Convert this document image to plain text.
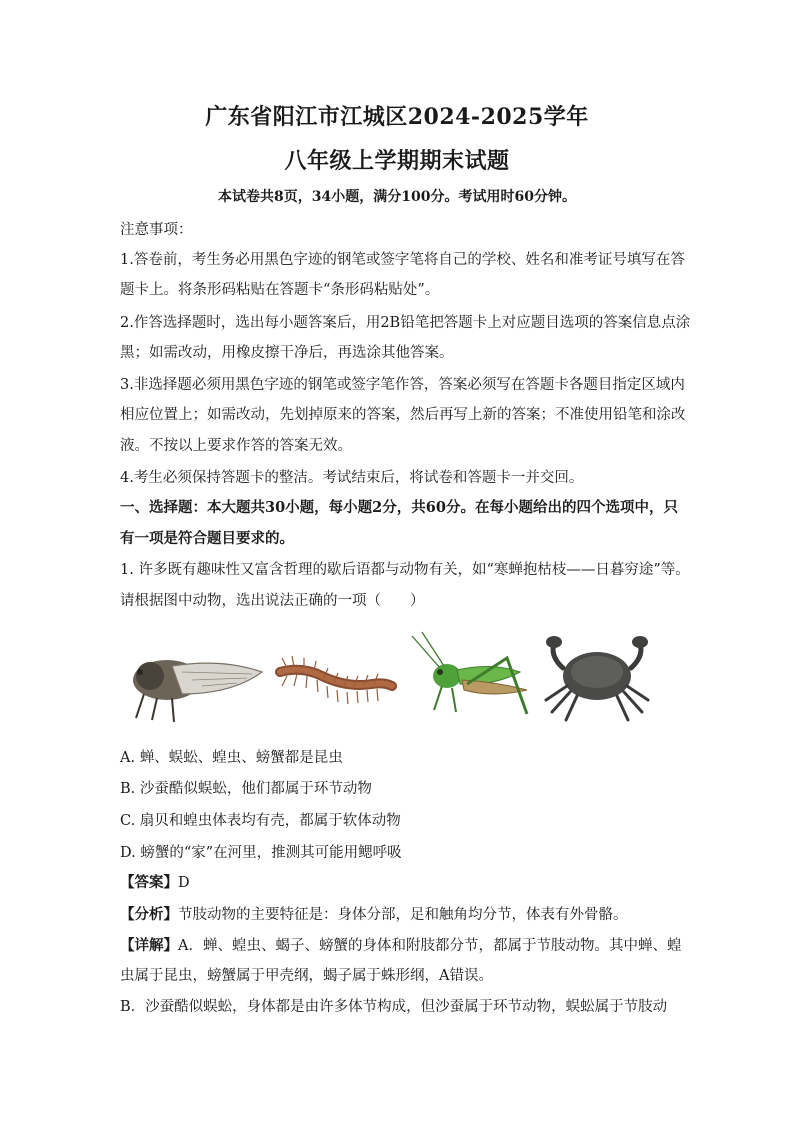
广东省阳江市江城区2024-2025学年
八年级上学期期末试题
本试卷共8页，34小题，满分100分。考试用时60分钟。
注意事项：
1.答卷前，考生务必用黑色字迹的钢笔或签字笔将自己的学校、姓名和准考证号填写在答
题卡上。将条形码粘贴在答题卡“条形码粘贴处”。
2.作答选择题时，选出每小题答案后，用2B铅笔把答题卡上对应题目选项的答案信息点涂
黑；如需改动，用橡皮擦干净后，再选涂其他答案。
3.非选择题必须用黑色字迹的钢笔或签字笔作答，答案必须写在答题卡各题目指定区域内
相应位置上；如需改动，先划掉原来的答案，然后再写上新的答案；不准使用铅笔和涂改
液。不按以上要求作答的答案无效。
4.考生必须保持答题卡的整洁。考试结束后，将试卷和答题卡一并交回。
一、选择题：本大题共30小题，每小题2分，共60分。在每小题给出的四个选项中，只
有一项是符合题目要求的。
1. 许多既有趣味性又富含哲理的歇后语都与动物有关，如“寒蝉抱枯枝——日暮穷途”等。
请根据图中动物，选出说法正确的一项（　　）
A. 蝉、蜈蚣、蝗虫、螃蟹都是昆虫
B. 沙蚕酷似蜈蚣，他们都属于环节动物
C. 扇贝和蝗虫体表均有壳，都属于软体动物
D. 螃蟹的“家”在河里，推测其可能用鳃呼吸
【答案】D
【分析】节肢动物的主要特征是：身体分部，足和触角均分节，体表有外骨骼。
【详解】A．蝉、蝗虫、蝎子、螃蟹的身体和附肢都分节，都属于节肢动物。其中蝉、蝗
虫属于昆虫，螃蟹属于甲壳纲，蝎子属于蛛形纲，A错误。
B．沙蚕酷似蜈蚣，身体都是由许多体节构成，但沙蚕属于环节动物，蜈蚣属于节肢动
